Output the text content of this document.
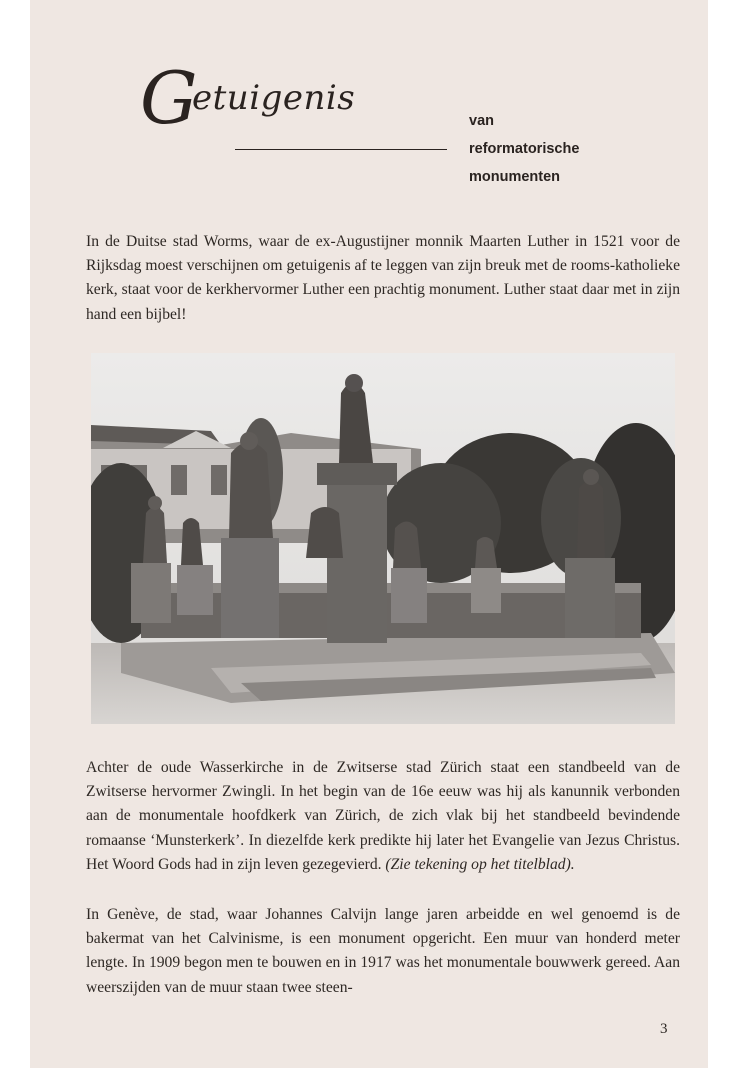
Getuigenis
van
reformatorische
monumenten

In de Duitse stad Worms, waar de ex-Augustijner monnik Maarten Luther in 1521 voor de Rijksdag moest verschijnen om getuigenis af te leggen van zijn breuk met de rooms-katholieke kerk, staat voor de kerkhervormer Luther een prachtig monument. Luther staat daar met in zijn hand een bijbel!

Achter de oude Wasserkirche in de Zwitserse stad Zürich staat een standbeeld van de Zwitserse hervormer Zwingli. In het begin van de 16e eeuw was hij als kanunnik verbonden aan de monumentale hoofdkerk van Zürich, de zich vlak bij het standbeeld bevindende romaanse ‘Munsterkerk’. In diezelfde kerk predikte hij later het Evangelie van Jezus Christus. Het Woord Gods had in zijn leven gezegevierd. (Zie tekening op het titelblad).

In Genève, de stad, waar Johannes Calvijn lange jaren arbeidde en wel genoemd is de bakermat van het Calvinisme, is een monument opgericht. Een muur van honderd meter lengte. In 1909 begon men te bouwen en in 1917 was het monumentale bouwwerk gereed. Aan weerszijden van de muur staan twee steen-

3
